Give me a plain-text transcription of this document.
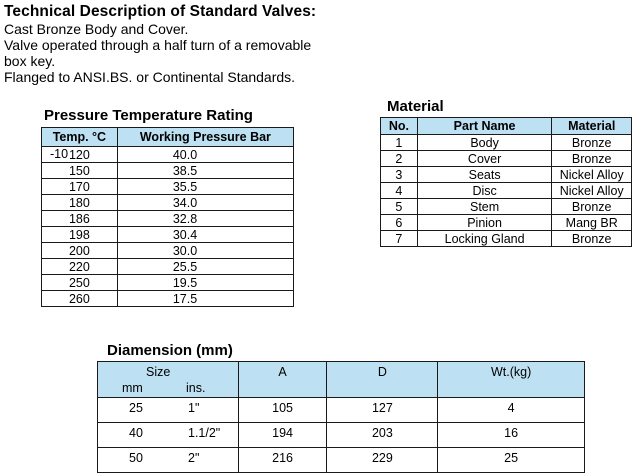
Technical Description of Standard Valves:
Cast Bronze Body and Cover.
Valve operated through a half turn of a removable
box key.
Flanged to ANSI.BS. or Continental Standards.
Pressure Temperature Rating
Temp. °C	Working Pressure Bar

-10 120	40.0
150	38.5
170	35.5
180	34.0
186	32.8
198	30.4
200	30.0
220	25.5
250	19.5
260	17.5
Material
No.	Part Name	Material
1	Body	Bronze
2	Cover	Bronze
3	Seats	Nickel Alloy
4	Disc	Nickel Alloy
5	Stem	Bronze
6	Pinion	Mang BR
7	Locking Gland	Bronze
Diamension (mm)
Size
mm ins.	A	D	Wt.(kg)

25 1"	105	127	4

40 1.1/2"	194	203	16

50 2"	216	229	25
